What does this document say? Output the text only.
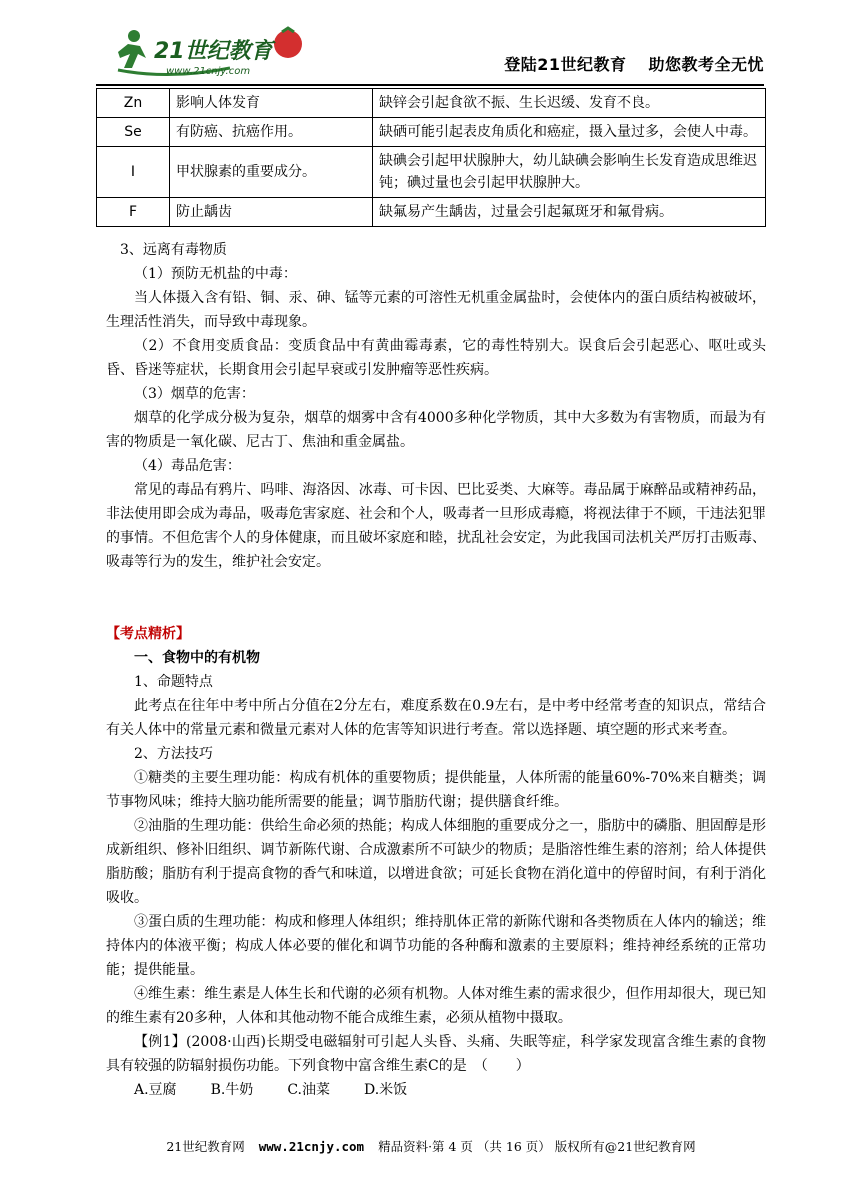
21世纪教育
www.21cnjy.com	登陆21世纪教育 助您教考全无忧
Zn	影响人体发育	缺锌会引起食欲不振、生长迟缓、发育不良。
Se	有防癌、抗癌作用。	缺硒可能引起表皮角质化和癌症，摄入量过多，会使人中毒。
I	甲状腺素的重要成分。	缺碘会引起甲状腺肿大，幼儿缺碘会影响生长发育造成思维迟钝；碘过量也会引起甲状腺肿大。
F	防止龋齿	缺氟易产生龋齿，过量会引起氟斑牙和氟骨病。

3、远离有毒物质

（1）预防无机盐的中毒：

当人体摄入含有铅、铜、汞、砷、锰等元素的可溶性无机重金属盐时，会使体内的蛋白质结构被破坏，生理活性消失，而导致中毒现象。

（2）不食用变质食品：变质食品中有黄曲霉毒素，它的毒性特别大。误食后会引起恶心、呕吐或头昏、昏迷等症状，长期食用会引起早衰或引发肿瘤等恶性疾病。

（3）烟草的危害：

烟草的化学成分极为复杂，烟草的烟雾中含有4000多种化学物质，其中大多数为有害物质，而最为有害的物质是一氧化碳、尼古丁、焦油和重金属盐。

（4）毒品危害：

常见的毒品有鸦片、吗啡、海洛因、冰毒、可卡因、巴比妥类、大麻等。毒品属于麻醉品或精神药品，非法使用即会成为毒品，吸毒危害家庭、社会和个人，吸毒者一旦形成毒瘾，将视法律于不顾，干违法犯罪的事情。不但危害个人的身体健康，而且破坏家庭和睦，扰乱社会安定，为此我国司法机关严厉打击贩毒、吸毒等行为的发生，维护社会安定。

【考点精析】

一、食物中的有机物

1、命题特点

此考点在往年中考中所占分值在2分左右，难度系数在0.9左右，是中考中经常考查的知识点，常结合有关人体中的常量元素和微量元素对人体的危害等知识进行考查。常以选择题、填空题的形式来考查。

2、方法技巧

①糖类的主要生理功能：构成有机体的重要物质；提供能量，人体所需的能量60%-70%来自糖类；调节事物风味；维持大脑功能所需要的能量；调节脂肪代谢；提供膳食纤维。

②油脂的生理功能：供给生命必须的热能；构成人体细胞的重要成分之一，脂肪中的磷脂、胆固醇是形成新组织、修补旧组织、调节新陈代谢、合成激素所不可缺少的物质；是脂溶性维生素的溶剂；给人体提供脂肪酸；脂肪有利于提高食物的香气和味道，以增进食欲；可延长食物在消化道中的停留时间，有利于消化吸收。

③蛋白质的生理功能：构成和修理人体组织；维持肌体正常的新陈代谢和各类物质在人体内的输送；维持体内的体液平衡；构成人体必要的催化和调节功能的各种酶和激素的主要原料；维持神经系统的正常功能；提供能量。

④维生素：维生素是人体生长和代谢的必须有机物。人体对维生素的需求很少，但作用却很大，现已知的维生素有20多种，人体和其他动物不能合成维生素，必须从植物中摄取。

【例1】(2008·山西)长期受电磁辐射可引起人头昏、头痛、失眠等症，科学家发现富含维生素的食物具有较强的防辐射损伤功能。下列食物中富含维生素C的是　（　　）

A.豆腐 B.牛奶 C.油菜 D.米饭

21世纪教育网 www.21cnjy.com 精品资料·第 4 页 （共 16 页） 版权所有@21世纪教育网
